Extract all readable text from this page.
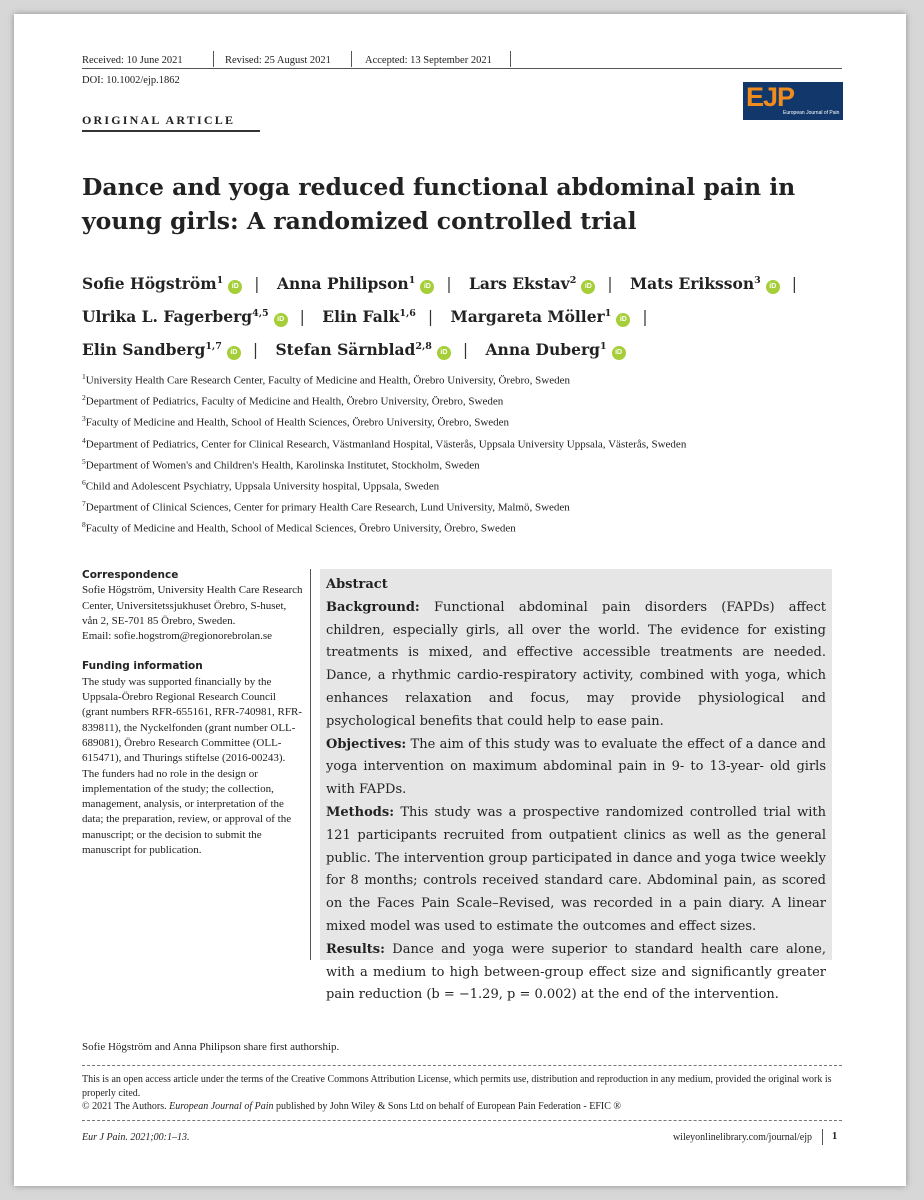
Received: 10 June 2021	Revised: 25 August 2021	Accepted: 13 September 2021
DOI: 10.1002/ejp.1862
ORIGINAL ARTICLE
EJP
European Journal of Pain
Dance and yoga reduced functional abdominal pain in
young girls: A randomized controlled trial
Sofie Högström$^1$iD | Anna Philipson$^1$iD | Lars Ekstav$^2$iD | Mats Eriksson$^3$iD |
Ulrika L. Fagerberg$^{4,5}$iD | Elin Falk$^{1,6}$ | Margareta Möller$^1$iD |
Elin Sandberg$^{1,7}$iD | Stefan Särnblad$^{2,8}$iD | Anna Duberg$^1$iD
$^1$University Health Care Research Center, Faculty of Medicine and Health, Örebro University, Örebro, Sweden
$^2$Department of Pediatrics, Faculty of Medicine and Health, Örebro University, Örebro, Sweden
$^3$Faculty of Medicine and Health, School of Health Sciences, Örebro University, Örebro, Sweden
$^4$Department of Pediatrics, Center for Clinical Research, Västmanland Hospital, Västerås, Uppsala University Uppsala, Västerås, Sweden
$^5$Department of Women's and Children's Health, Karolinska Institutet, Stockholm, Sweden
$^6$Child and Adolescent Psychiatry, Uppsala University hospital, Uppsala, Sweden
$^7$Department of Clinical Sciences, Center for primary Health Care Research, Lund University, Malmö, Sweden
$^8$Faculty of Medicine and Health, School of Medical Sciences, Örebro University, Örebro, Sweden
Correspondence

Sofie Högström, University Health Care Research Center, Universitetssjukhuset Örebro, S-huset, vån 2, SE-701 85 Örebro, Sweden.

Email: sofie.hogstrom@regionorebrolan.se

Funding information

The study was supported financially by the Uppsala-Örebro Regional Research Council (grant numbers RFR-655161, RFR-740981, RFR-839811), the Nyckelfonden (grant number OLL-689081), Örebro Research Committee (OLL-615471), and Thurings stiftelse (2016-00243). The funders had no role in the design or implementation of the study; the collection, management, analysis, or interpretation of the data; the preparation, review, or approval of the manuscript; or the decision to submit the manuscript for publication.

Abstract

Background: Functional abdominal pain disorders (FAPDs) affect children, especially girls, all over the world. The evidence for existing treatments is mixed, and effective accessible treatments are needed. Dance, a rhythmic cardio-respiratory activity, combined with yoga, which enhances relaxation and focus, may provide physiological and psychological benefits that could help to ease pain.

Objectives: The aim of this study was to evaluate the effect of a dance and yoga intervention on maximum abdominal pain in 9- to 13-year- old girls with FAPDs.

Methods: This study was a prospective randomized controlled trial with 121 participants recruited from outpatient clinics as well as the general public. The intervention group participated in dance and yoga twice weekly for 8 months; controls received standard care. Abdominal pain, as scored on the Faces Pain Scale–Revised, was recorded in a pain diary. A linear mixed model was used to estimate the outcomes and effect sizes.

Results: Dance and yoga were superior to standard health care alone, with a medium to high between-group effect size and significantly greater pain reduction (b = −1.29, p = 0.002) at the end of the intervention.

Sofie Högström and Anna Philipson share first authorship.
This is an open access article under the terms of the Creative Commons Attribution License, which permits use, distribution and reproduction in any medium, provided the original work is properly cited.
© 2021 The Authors. European Journal of Pain published by John Wiley & Sons Ltd on behalf of European Pain Federation - EFIC ®
Eur J Pain. 2021;00:1–13.	wileyonlinelibrary.com/journal/ejp 1
